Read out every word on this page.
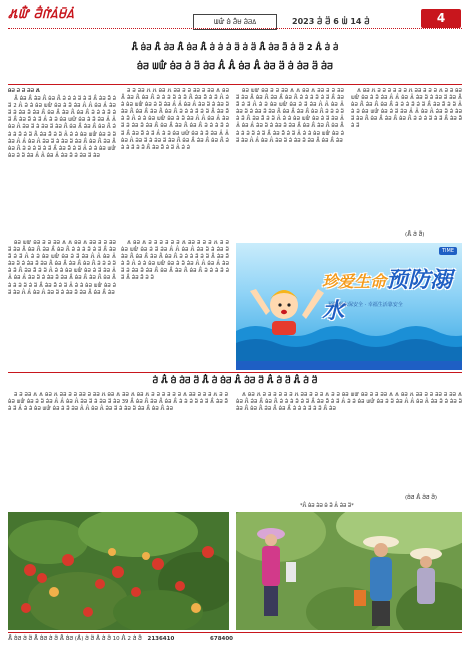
𖬃𖬤𖬵𖬶 𖬁𖬵𖬦𖬰𖬮𖬰𖬡𖬲𖬮𖬰
𖬑𖬤𖬵 𖬖𖬰 𖬁𖬵𖬡 𖬁𖬰𖬁𖬮	2023 𖬁𖬰 𖬁𖬶 6 𖬑𖬰 14 𖬁𖬰	4
𖬃𖬴𖬶 𖬖𖬰𖬁 𖬃𖬴𖬶 𖬁𖬰𖬁 𖬃𖬴𖬶 𖬖𖬰𖬁 𖬃𖬴𖬶 𖬁𖬰 𖬁𖬰 𖬁𖬰 𖬁𖬶 𖬁𖬰 𖬁𖬶 𖬃𖬴𖬶 𖬁𖬰𖬁 𖬁𖬶𖬰 𖬁𖬰 𖬁𖬶 2 𖬃𖬴 𖬁𖬰 𖬁𖬰
𖬖𖬰𖬁 𖬑𖬤𖬵 𖬖𖬰𖬁 𖬁𖬰 𖬁𖬶 𖬁𖬰𖬁 𖬃𖬴 𖬃𖬴 𖬖𖬰𖬁 𖬃𖬴 𖬁𖬰𖬁 𖬁𖬶 𖬁𖬰 𖬁𖬰𖬁 𖬁𖬶 𖬁𖬰𖬁

𖬖𖬰𖬁 𖬁𖬰 𖬁𖬶 𖬁𖬰𖬁 𖬃𖬴

𖬃𖬴𖬶 𖬖𖬰𖬁 𖬃𖬴𖬶 𖬁𖬰𖬁 𖬃𖬴𖬶 𖬖𖬰𖬁 𖬃𖬴𖬶 𖬁𖬰 𖬁𖬰 𖬁𖬰 𖬁𖬶 𖬁𖬰 𖬁𖬶 𖬃𖬴𖬶 𖬁𖬰𖬁 𖬁𖬶𖬰 𖬁𖬰 𖬁𖬶 2 𖬃𖬴 𖬁𖬰 𖬁𖬰 𖬖𖬰𖬁 𖬑𖬤𖬵 𖬖𖬰𖬁 𖬁𖬰 𖬁𖬶 𖬁𖬰𖬁 𖬃𖬴 𖬃𖬴 𖬖𖬰𖬁 𖬃𖬴 𖬁𖬰𖬁 𖬁𖬶 𖬁𖬰 𖬁𖬰𖬁 𖬁𖬶 𖬁𖬰𖬁 𖬃𖬴𖬶 𖬖𖬰𖬁 𖬃𖬴𖬶 𖬁𖬰𖬁 𖬃𖬴𖬶 𖬖𖬰𖬁 𖬃𖬴𖬶 𖬁𖬰 𖬁𖬰 𖬁𖬰 𖬁𖬶 𖬁𖬰 𖬁𖬶 𖬃𖬴𖬶 𖬁𖬰𖬁 𖬁𖬶𖬰 𖬁𖬰 𖬁𖬶 𖬃𖬴 𖬁𖬰 𖬁𖬰 𖬖𖬰𖬁 𖬑𖬤𖬵 𖬖𖬰𖬁 𖬁𖬰 𖬁𖬶 𖬁𖬰𖬁 𖬃𖬴 𖬃𖬴 𖬖𖬰𖬁 𖬃𖬴 𖬁𖬰𖬁 𖬁𖬶 𖬁𖬰 𖬁𖬰𖬁 𖬁𖬶 𖬁𖬰𖬁 𖬃𖬴𖬶 𖬖𖬰𖬁 𖬃𖬴𖬶 𖬁𖬰𖬁 𖬃𖬴𖬶 𖬖𖬰𖬁 𖬃𖬴𖬶 𖬁𖬰 𖬁𖬰 𖬁𖬰 𖬁𖬶 𖬁𖬰 𖬁𖬶 𖬃𖬴𖬶 𖬁𖬰𖬁 𖬁𖬶𖬰 𖬁𖬰 𖬁𖬶 𖬃𖬴 𖬁𖬰 𖬁𖬰 𖬖𖬰𖬁 𖬑𖬤𖬵 𖬖𖬰𖬁 𖬁𖬰 𖬁𖬶 𖬁𖬰𖬁 𖬃𖬴 𖬃𖬴 𖬖𖬰𖬁 𖬃𖬴 𖬁𖬰𖬁 𖬁𖬶 𖬁𖬰 𖬁𖬰𖬁 𖬁𖬶 𖬁𖬰𖬁 𖬃𖬴𖬶 𖬖𖬰𖬁 𖬃𖬴𖬶 𖬁𖬰𖬁 𖬃𖬴𖬶 𖬖𖬰𖬁 𖬃𖬴𖬶 𖬁𖬰 𖬁𖬰 𖬁𖬰 𖬁𖬶 𖬁𖬰 𖬁𖬶 𖬃𖬴𖬶 𖬁𖬰𖬁 𖬁𖬶𖬰 𖬁𖬰 𖬁𖬶 𖬃𖬴 𖬁𖬰 𖬁𖬰 𖬖𖬰𖬁 𖬑𖬤𖬵 𖬖𖬰𖬁 𖬁𖬰 𖬁𖬶 𖬁𖬰𖬁 𖬃𖬴 𖬃𖬴 𖬖𖬰𖬁 𖬃𖬴 𖬁𖬰𖬁 𖬁𖬶 𖬁𖬰 𖬁𖬰𖬁 𖬁𖬶 𖬁𖬰𖬁

𖬁𖬰 𖬁𖬶 𖬁𖬰𖬁 𖬃𖬴 𖬃𖬴 𖬖𖬰𖬁 𖬃𖬴 𖬁𖬰𖬁 𖬁𖬶 𖬁𖬰 𖬁𖬰𖬁 𖬁𖬶 𖬁𖬰𖬁 𖬃𖬴𖬶 𖬖𖬰𖬁 𖬃𖬴𖬶 𖬁𖬰𖬁 𖬃𖬴𖬶 𖬖𖬰𖬁 𖬃𖬴𖬶 𖬁𖬰 𖬁𖬰 𖬁𖬰 𖬁𖬶 𖬁𖬰 𖬁𖬶 𖬃𖬴𖬶 𖬁𖬰𖬁 𖬁𖬶𖬰 𖬁𖬰 𖬁𖬶 𖬃𖬴 𖬁𖬰 𖬁𖬰 𖬖𖬰𖬁 𖬑𖬤𖬵 𖬖𖬰𖬁 𖬁𖬰 𖬁𖬶 𖬁𖬰𖬁 𖬃𖬴 𖬃𖬴 𖬖𖬰𖬁 𖬃𖬴 𖬁𖬰𖬁 𖬁𖬶 𖬁𖬰 𖬁𖬰𖬁 𖬁𖬶 𖬁𖬰𖬁 𖬃𖬴𖬶 𖬖𖬰𖬁 𖬃𖬴𖬶 𖬁𖬰𖬁 𖬃𖬴𖬶 𖬖𖬰𖬁 𖬃𖬴𖬶 𖬁𖬰 𖬁𖬰 𖬁𖬰 𖬁𖬶 𖬁𖬰 𖬁𖬶 𖬃𖬴𖬶 𖬁𖬰𖬁 𖬁𖬶𖬰 𖬁𖬰 𖬁𖬶 𖬃𖬴 𖬁𖬰 𖬁𖬰 𖬖𖬰𖬁 𖬑𖬤𖬵 𖬖𖬰𖬁 𖬁𖬰 𖬁𖬶 𖬁𖬰𖬁 𖬃𖬴 𖬃𖬴 𖬖𖬰𖬁 𖬃𖬴 𖬁𖬰𖬁 𖬁𖬶 𖬁𖬰 𖬁𖬰𖬁 𖬁𖬶 𖬁𖬰𖬁 𖬃𖬴𖬶 𖬖𖬰𖬁 𖬃𖬴𖬶 𖬁𖬰𖬁 𖬃𖬴𖬶 𖬖𖬰𖬁 𖬃𖬴𖬶 𖬁𖬰 𖬁𖬰 𖬁𖬰 𖬁𖬶 𖬁𖬰 𖬁𖬶 𖬃𖬴𖬶 𖬁𖬰𖬁 𖬁𖬶𖬰 𖬁𖬰 𖬁𖬶 𖬃𖬴 𖬁𖬰 𖬁𖬰 𖬖𖬰𖬁 𖬑𖬤𖬵 𖬖𖬰𖬁 𖬁𖬰 𖬁𖬶 𖬁𖬰𖬁 𖬃𖬴 𖬃𖬴 𖬖𖬰𖬁 𖬃𖬴 𖬁𖬰𖬁 𖬁𖬶 𖬁𖬰 𖬁𖬰𖬁 𖬁𖬶 𖬁𖬰𖬁 𖬃𖬴𖬶 𖬖𖬰𖬁 𖬃𖬴𖬶 𖬁𖬰𖬁 𖬃𖬴𖬶 𖬖𖬰𖬁 𖬃𖬴𖬶 𖬁𖬰 𖬁𖬰 𖬁𖬰 𖬁𖬶 𖬁𖬰 𖬁𖬶 𖬃𖬴𖬶 𖬁𖬰𖬁 𖬁𖬶𖬰 𖬁𖬰 𖬁𖬶 𖬃𖬴 𖬁𖬰 𖬁𖬰

𖬖𖬰𖬁 𖬑𖬤𖬵 𖬖𖬰𖬁 𖬁𖬰 𖬁𖬶 𖬁𖬰𖬁 𖬃𖬴 𖬃𖬴 𖬖𖬰𖬁 𖬃𖬴 𖬁𖬰𖬁 𖬁𖬶 𖬁𖬰 𖬁𖬰𖬁 𖬁𖬶 𖬁𖬰𖬁 𖬃𖬴𖬶 𖬖𖬰𖬁 𖬃𖬴𖬶 𖬁𖬰𖬁 𖬃𖬴𖬶 𖬖𖬰𖬁 𖬃𖬴𖬶 𖬁𖬰 𖬁𖬰 𖬁𖬰 𖬁𖬶 𖬁𖬰 𖬁𖬶 𖬃𖬴𖬶 𖬁𖬰𖬁 𖬁𖬶𖬰 𖬁𖬰 𖬁𖬶 𖬃𖬴 𖬁𖬰 𖬁𖬰 𖬖𖬰𖬁 𖬑𖬤𖬵 𖬖𖬰𖬁 𖬁𖬰 𖬁𖬶 𖬁𖬰𖬁 𖬃𖬴 𖬃𖬴 𖬖𖬰𖬁 𖬃𖬴 𖬁𖬰𖬁 𖬁𖬶 𖬁𖬰 𖬁𖬰𖬁 𖬁𖬶 𖬁𖬰𖬁 𖬃𖬴𖬶 𖬖𖬰𖬁 𖬃𖬴𖬶 𖬁𖬰𖬁 𖬃𖬴𖬶 𖬖𖬰𖬁 𖬃𖬴𖬶 𖬁𖬰 𖬁𖬰 𖬁𖬰 𖬁𖬶 𖬁𖬰 𖬁𖬶 𖬃𖬴𖬶 𖬁𖬰𖬁 𖬁𖬶𖬰 𖬁𖬰 𖬁𖬶 𖬃𖬴 𖬁𖬰 𖬁𖬰 𖬖𖬰𖬁 𖬑𖬤𖬵 𖬖𖬰𖬁 𖬁𖬰 𖬁𖬶 𖬁𖬰𖬁 𖬃𖬴 𖬃𖬴 𖬖𖬰𖬁 𖬃𖬴 𖬁𖬰𖬁 𖬁𖬶 𖬁𖬰 𖬁𖬰𖬁 𖬁𖬶 𖬁𖬰𖬁 𖬃𖬴𖬶 𖬖𖬰𖬁 𖬃𖬴𖬶 𖬁𖬰𖬁 𖬃𖬴𖬶 𖬖𖬰𖬁 𖬃𖬴𖬶 𖬁𖬰 𖬁𖬰 𖬁𖬰 𖬁𖬶 𖬁𖬰 𖬁𖬶 𖬃𖬴𖬶 𖬁𖬰𖬁 𖬁𖬶𖬰 𖬁𖬰 𖬁𖬶 𖬃𖬴 𖬁𖬰 𖬁𖬰 𖬖𖬰𖬁 𖬑𖬤𖬵 𖬖𖬰𖬁 𖬁𖬰 𖬁𖬶 𖬁𖬰𖬁 𖬃𖬴 𖬃𖬴 𖬖𖬰𖬁 𖬃𖬴 𖬁𖬰𖬁 𖬁𖬶 𖬁𖬰 𖬁𖬰𖬁 𖬁𖬶 𖬁𖬰𖬁 𖬃𖬴𖬶 𖬖𖬰𖬁 𖬃𖬴𖬶 𖬁𖬰𖬁

𖬃𖬴𖬶 𖬖𖬰𖬁 𖬃𖬴𖬶 𖬁𖬰 𖬁𖬰 𖬁𖬰 𖬁𖬶 𖬁𖬰 𖬁𖬶 𖬃𖬴𖬶 𖬁𖬰𖬁 𖬁𖬶𖬰 𖬁𖬰 𖬁𖬶 𖬃𖬴 𖬁𖬰 𖬁𖬰 𖬖𖬰𖬁 𖬑𖬤𖬵 𖬖𖬰𖬁 𖬁𖬰 𖬁𖬶 𖬁𖬰𖬁 𖬃𖬴 𖬃𖬴 𖬖𖬰𖬁 𖬃𖬴 𖬁𖬰𖬁 𖬁𖬶 𖬁𖬰 𖬁𖬰𖬁 𖬁𖬶 𖬁𖬰𖬁 𖬃𖬴𖬶 𖬖𖬰𖬁 𖬃𖬴𖬶 𖬁𖬰𖬁 𖬃𖬴𖬶 𖬖𖬰𖬁 𖬃𖬴𖬶 𖬁𖬰 𖬁𖬰 𖬁𖬰 𖬁𖬶 𖬁𖬰 𖬁𖬶 𖬃𖬴𖬶 𖬁𖬰𖬁 𖬁𖬶𖬰 𖬁𖬰 𖬁𖬶 𖬃𖬴 𖬁𖬰 𖬁𖬰 𖬖𖬰𖬁 𖬑𖬤𖬵 𖬖𖬰𖬁 𖬁𖬰 𖬁𖬶 𖬁𖬰𖬁 𖬃𖬴 𖬃𖬴 𖬖𖬰𖬁 𖬃𖬴 𖬁𖬰𖬁 𖬁𖬶 𖬁𖬰 𖬁𖬰𖬁 𖬁𖬶 𖬁𖬰𖬁 𖬃𖬴𖬶 𖬖𖬰𖬁 𖬃𖬴𖬶 𖬁𖬰𖬁 𖬃𖬴𖬶 𖬖𖬰𖬁 𖬃𖬴𖬶 𖬁𖬰 𖬁𖬰 𖬁𖬰 𖬁𖬶 𖬁𖬰 𖬁𖬶 𖬃𖬴𖬶 𖬁𖬰𖬁 𖬁𖬶𖬰 𖬁𖬰 𖬁𖬶

(𖬃𖬴𖬶 𖬁𖬰 𖬁𖬶𖬰)

𖬖𖬰𖬁 𖬑𖬤𖬵 𖬖𖬰𖬁 𖬁𖬰 𖬁𖬶 𖬁𖬰𖬁 𖬃𖬴 𖬃𖬴 𖬖𖬰𖬁 𖬃𖬴 𖬁𖬰𖬁 𖬁𖬶 𖬁𖬰 𖬁𖬰𖬁 𖬁𖬶 𖬁𖬰𖬁 𖬃𖬴𖬶 𖬖𖬰𖬁 𖬃𖬴𖬶 𖬁𖬰𖬁 𖬃𖬴𖬶 𖬖𖬰𖬁 𖬃𖬴𖬶 𖬁𖬰 𖬁𖬰 𖬁𖬰 𖬁𖬶 𖬁𖬰 𖬁𖬶 𖬃𖬴𖬶 𖬁𖬰𖬁 𖬁𖬶𖬰 𖬁𖬰 𖬁𖬶 𖬃𖬴 𖬁𖬰 𖬁𖬰 𖬖𖬰𖬁 𖬑𖬤𖬵 𖬖𖬰𖬁 𖬁𖬰 𖬁𖬶 𖬁𖬰𖬁 𖬃𖬴 𖬃𖬴 𖬖𖬰𖬁 𖬃𖬴 𖬁𖬰𖬁 𖬁𖬶 𖬁𖬰 𖬁𖬰𖬁 𖬁𖬶 𖬁𖬰𖬁 𖬃𖬴𖬶 𖬖𖬰𖬁 𖬃𖬴𖬶 𖬁𖬰𖬁 𖬃𖬴𖬶 𖬖𖬰𖬁 𖬃𖬴𖬶 𖬁𖬰 𖬁𖬰 𖬁𖬰 𖬁𖬶 𖬁𖬰 𖬁𖬶 𖬃𖬴𖬶 𖬁𖬰𖬁 𖬁𖬶𖬰 𖬁𖬰 𖬁𖬶 𖬃𖬴 𖬁𖬰 𖬁𖬰 𖬖𖬰𖬁 𖬑𖬤𖬵 𖬖𖬰𖬁 𖬁𖬰 𖬁𖬶 𖬁𖬰𖬁 𖬃𖬴 𖬃𖬴 𖬖𖬰𖬁 𖬃𖬴 𖬁𖬰𖬁 𖬁𖬶 𖬁𖬰 𖬁𖬰𖬁 𖬁𖬶 𖬁𖬰𖬁 𖬃𖬴𖬶 𖬖𖬰𖬁 𖬃𖬴𖬶 𖬁𖬰𖬁 𖬃𖬴𖬶 𖬖𖬰𖬁 𖬃𖬴𖬶 𖬁𖬰 𖬁𖬰 𖬁𖬰 𖬁𖬶 𖬁𖬰 𖬁𖬶 𖬃𖬴𖬶 𖬁𖬰𖬁 𖬁𖬶𖬰 𖬁𖬰 𖬁𖬶 𖬃𖬴 𖬁𖬰 𖬁𖬰 𖬖𖬰𖬁 𖬑𖬤𖬵 𖬖𖬰𖬁 𖬁𖬰 𖬁𖬶 𖬁𖬰𖬁 𖬃𖬴 𖬃𖬴 𖬖𖬰𖬁 𖬃𖬴 𖬁𖬰𖬁 𖬁𖬶 𖬁𖬰 𖬁𖬰𖬁 𖬁𖬶 𖬁𖬰𖬁 𖬃𖬴𖬶 𖬖𖬰𖬁 𖬃𖬴𖬶 𖬁𖬰𖬁

𖬃𖬴𖬶 𖬖𖬰𖬁 𖬃𖬴𖬶 𖬁𖬰 𖬁𖬰 𖬁𖬰 𖬁𖬶 𖬁𖬰 𖬁𖬶 𖬃𖬴𖬶 𖬁𖬰𖬁 𖬁𖬶𖬰 𖬁𖬰 𖬁𖬶 𖬃𖬴 𖬁𖬰 𖬁𖬰 𖬖𖬰𖬁 𖬑𖬤𖬵 𖬖𖬰𖬁 𖬁𖬰 𖬁𖬶 𖬁𖬰𖬁 𖬃𖬴 𖬃𖬴 𖬖𖬰𖬁 𖬃𖬴 𖬁𖬰𖬁 𖬁𖬶 𖬁𖬰 𖬁𖬰𖬁 𖬁𖬶 𖬁𖬰𖬁 𖬃𖬴𖬶 𖬖𖬰𖬁 𖬃𖬴𖬶 𖬁𖬰𖬁 𖬃𖬴𖬶 𖬖𖬰𖬁 𖬃𖬴𖬶 𖬁𖬰 𖬁𖬰 𖬁𖬰 𖬁𖬶 𖬁𖬰 𖬁𖬶 𖬃𖬴𖬶 𖬁𖬰𖬁 𖬁𖬶𖬰 𖬁𖬰 𖬁𖬶 𖬃𖬴 𖬁𖬰 𖬁𖬰 𖬖𖬰𖬁 𖬑𖬤𖬵 𖬖𖬰𖬁 𖬁𖬰 𖬁𖬶 𖬁𖬰𖬁 𖬃𖬴 𖬃𖬴 𖬖𖬰𖬁 𖬃𖬴 𖬁𖬰𖬁 𖬁𖬶 𖬁𖬰 𖬁𖬰𖬁 𖬁𖬶 𖬁𖬰𖬁 𖬃𖬴𖬶 𖬖𖬰𖬁 𖬃𖬴𖬶 𖬁𖬰𖬁 𖬃𖬴𖬶 𖬖𖬰𖬁 𖬃𖬴𖬶 𖬁𖬰 𖬁𖬰 𖬁𖬰 𖬁𖬶 𖬁𖬰 𖬁𖬶 𖬃𖬴𖬶 𖬁𖬰𖬁 𖬁𖬶𖬰 𖬁𖬰 𖬁𖬶

TIME
珍爱生命预防溺水
预防溺水保安全 · 幸福生活靠安全
𖬁𖬰 𖬃𖬴 𖬖𖬰 𖬁𖬰𖬁 𖬁𖬶 𖬃𖬴𖬶 𖬁𖬰 𖬖𖬰𖬁 𖬃𖬴 𖬁𖬰𖬁 𖬁𖬶 𖬃𖬴 𖬁𖬰 𖬁𖬶 𖬃𖬴 𖬁𖬰 𖬁𖬶

𖬁𖬰 𖬁𖬶 𖬁𖬰𖬁 𖬃𖬴 𖬃𖬴 𖬖𖬰𖬁 𖬃𖬴 𖬁𖬰𖬁 𖬁𖬶 𖬁𖬰 𖬁𖬰𖬁 𖬁𖬶 𖬁𖬰𖬁 𖬃𖬴𖬶 𖬖𖬰𖬁 𖬃𖬴𖬶 𖬁𖬰𖬁 𖬃𖬴𖬶 𖬖𖬰𖬁 𖬃𖬴𖬶 𖬁𖬰 𖬁𖬰 𖬁𖬰 𖬁𖬶 𖬁𖬰 𖬁𖬶 𖬃𖬴𖬶 𖬁𖬰𖬁 𖬁𖬶𖬰 𖬁𖬰 𖬁𖬶 𖬃𖬴 𖬁𖬰 𖬁𖬰 𖬖𖬰𖬁 𖬑𖬤𖬵 𖬖𖬰𖬁 𖬁𖬰 𖬁𖬶 𖬁𖬰𖬁 𖬃𖬴 𖬃𖬴 𖬖𖬰𖬁 𖬃𖬴 𖬁𖬰𖬁 𖬁𖬶 𖬁𖬰 𖬁𖬰𖬁 𖬁𖬶 𖬁𖬰𖬁 39 𖬃𖬴𖬶 𖬖𖬰𖬁 𖬃𖬴𖬶 𖬁𖬰𖬁 𖬃𖬴𖬶 𖬖𖬰𖬁 𖬃𖬴𖬶 𖬁𖬰 𖬁𖬰 𖬁𖬰 𖬁𖬶 𖬁𖬰 𖬁𖬶 𖬃𖬴𖬶 𖬁𖬰𖬁 𖬁𖬶𖬰 𖬁𖬰 𖬁𖬶 𖬃𖬴 𖬁𖬰 𖬁𖬰 𖬖𖬰𖬁 𖬑𖬤𖬵 𖬖𖬰𖬁 𖬁𖬰 𖬁𖬶 𖬁𖬰𖬁 𖬃𖬴 𖬃𖬴 𖬖𖬰𖬁 𖬃𖬴 𖬁𖬰𖬁 𖬁𖬶 𖬁𖬰 𖬁𖬰𖬁 𖬁𖬶 𖬁𖬰𖬁 𖬃𖬴𖬶 𖬖𖬰𖬁 𖬃𖬴𖬶 𖬁𖬰𖬁

𖬃𖬴𖬶 𖬖𖬰𖬁 𖬃𖬴𖬶 𖬁𖬰 𖬁𖬰 𖬁𖬰 𖬁𖬶 𖬁𖬰 𖬁𖬶 𖬃𖬴𖬶 𖬁𖬰𖬁 𖬁𖬶𖬰 𖬁𖬰 𖬁𖬶 𖬃𖬴 𖬁𖬰 𖬁𖬰 𖬖𖬰𖬁 𖬑𖬤𖬵 𖬖𖬰𖬁 𖬁𖬰 𖬁𖬶 𖬁𖬰𖬁 𖬃𖬴 𖬃𖬴 𖬖𖬰𖬁 𖬃𖬴 𖬁𖬰𖬁 𖬁𖬶 𖬁𖬰 𖬁𖬰𖬁 𖬁𖬶 𖬁𖬰𖬁 𖬃𖬴𖬶 𖬖𖬰𖬁 𖬃𖬴𖬶 𖬁𖬰𖬁 𖬃𖬴𖬶 𖬖𖬰𖬁 𖬃𖬴𖬶 𖬁𖬰 𖬁𖬰 𖬁𖬰 𖬁𖬶 𖬁𖬰 𖬁𖬶 𖬃𖬴𖬶 𖬁𖬰𖬁 𖬁𖬶𖬰 𖬁𖬰 𖬁𖬶 𖬃𖬴 𖬁𖬰 𖬁𖬰 𖬖𖬰𖬁 𖬑𖬤𖬵 𖬖𖬰𖬁 𖬁𖬰 𖬁𖬶 𖬁𖬰𖬁 𖬃𖬴 𖬃𖬴 𖬖𖬰𖬁 𖬃𖬴 𖬁𖬰𖬁 𖬁𖬶 𖬁𖬰 𖬁𖬰𖬁 𖬁𖬶 𖬁𖬰𖬁 𖬃𖬴𖬶 𖬖𖬰𖬁 𖬃𖬴𖬶 𖬁𖬰𖬁 𖬃𖬴𖬶 𖬖𖬰𖬁 𖬃𖬴𖬶 𖬁𖬰 𖬁𖬰 𖬁𖬰 𖬁𖬶 𖬁𖬰 𖬁𖬶 𖬃𖬴𖬶 𖬁𖬰𖬁

(𖬖𖬰𖬁 𖬃𖬴 𖬁𖬰𖬁 𖬁𖬶)
*𖬃𖬴𖬶 𖬖𖬰𖬁 𖬁𖬰𖬁 𖬖𖬰 𖬁𖬶 𖬃𖬴 𖬁𖬰𖬁 𖬁𖬶*
𖬃𖬴𖬶 𖬖𖬰𖬁 𖬁𖬰 𖬁𖬶 𖬃𖬴𖬶 𖬖𖬰𖬁 𖬁𖬰 𖬁𖬶 𖬃𖬴𖬶 𖬖𖬰𖬁 (𖬃𖬴) 𖬁𖬰 𖬁𖬶 𖬃𖬴 𖬁𖬰 𖬁𖬶 10 𖬃𖬴 2 𖬁𖬰 𖬁𖬶𖬰 2136410	678400
